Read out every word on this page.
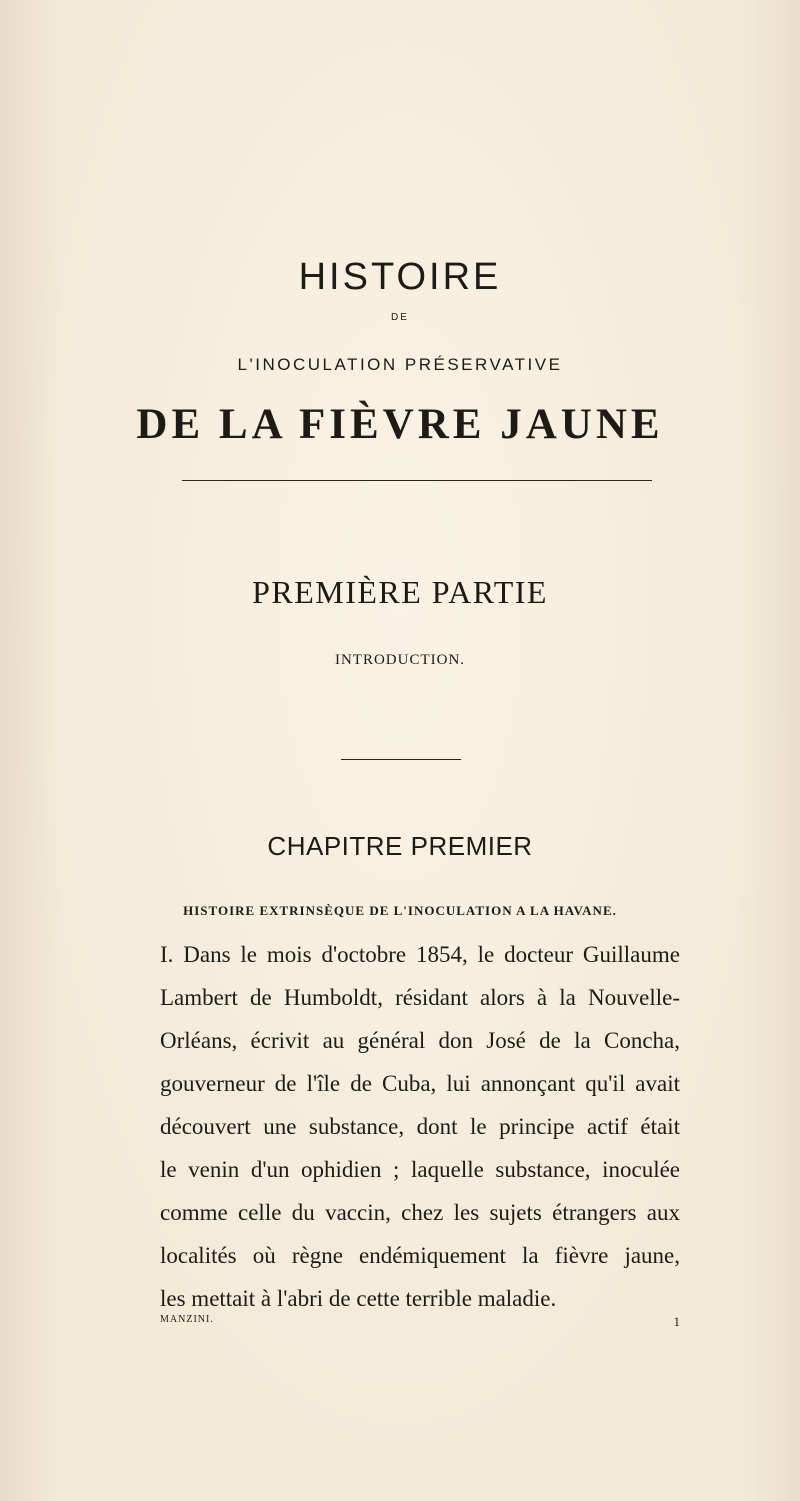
HISTOIRE
DE
L'INOCULATION PRÉSERVATIVE
DE LA FIÈVRE JAUNE
PREMIÈRE PARTIE
INTRODUCTION.
CHAPITRE PREMIER
HISTOIRE EXTRINSÈQUE DE L'INOCULATION A LA HAVANE.
I. Dans le mois d'octobre 1854, le docteur Guillaume
Lambert de Humboldt, résidant alors à la Nouvelle-
Orléans, écrivit au général don José de la Concha,
gouverneur de l'île de Cuba, lui annonçant qu'il avait
découvert une substance, dont le principe actif était
le venin d'un ophidien ; laquelle substance, inoculée
comme celle du vaccin, chez les sujets étrangers aux
localités où règne endémiquement la fièvre jaune,
les mettait à l'abri de cette terrible maladie.
MANZINI.	1
